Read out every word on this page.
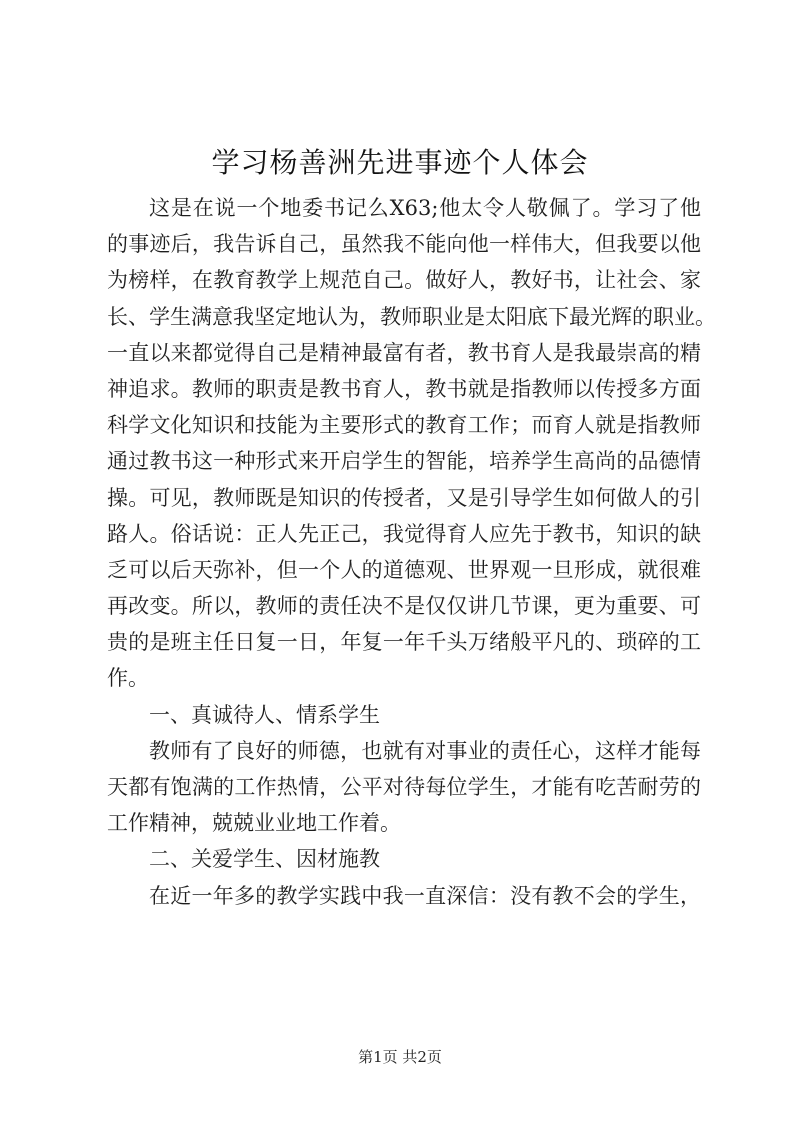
学习杨善洲先进事迹个人体会
这是在说一个地委书记么X63;他太令人敬佩了。学习了他
的事迹后，我告诉自己，虽然我不能向他一样伟大，但我要以他
为榜样，在教育教学上规范自己。做好人，教好书，让社会、家
长、学生满意我坚定地认为，教师职业是太阳底下最光辉的职业。
一直以来都觉得自己是精神最富有者，教书育人是我最崇高的精
神追求。教师的职责是教书育人，教书就是指教师以传授多方面
科学文化知识和技能为主要形式的教育工作；而育人就是指教师
通过教书这一种形式来开启学生的智能，培养学生高尚的品德情
操。可见，教师既是知识的传授者，又是引导学生如何做人的引
路人。俗话说：正人先正己，我觉得育人应先于教书，知识的缺
乏可以后天弥补，但一个人的道德观、世界观一旦形成，就很难
再改变。所以，教师的责任决不是仅仅讲几节课，更为重要、可
贵的是班主任日复一日，年复一年千头万绪般平凡的、琐碎的工
作。
一、真诚待人、情系学生
教师有了良好的师德，也就有对事业的责任心，这样才能每
天都有饱满的工作热情，公平对待每位学生，才能有吃苦耐劳的
工作精神，兢兢业业地工作着。
二、关爱学生、因材施教
在近一年多的教学实践中我一直深信：没有教不会的学生，
第1页 共2页
